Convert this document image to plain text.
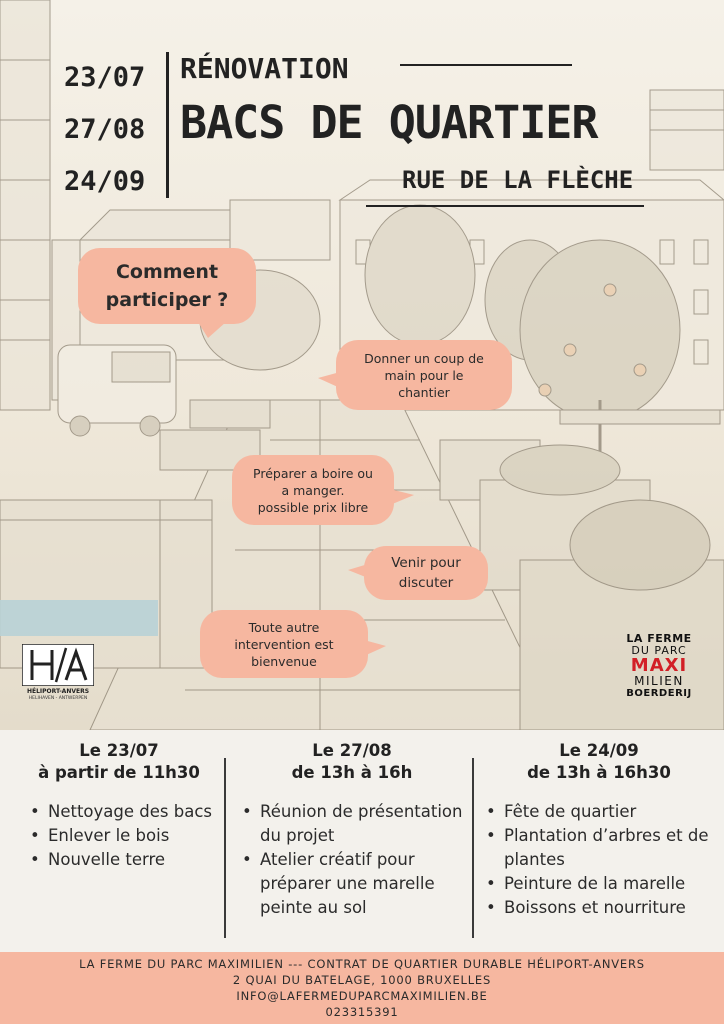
23/07
27/08
24/09
RÉNOVATION
BACS DE QUARTIER
RUE DE LA FLÈCHE
Comment
participer ?
Donner un coup de
main pour le
chantier
Préparer a boire ou
a manger.
possible prix libre
Venir pour
discuter
Toute autre
intervention est
bienvenue
HÉLIPORT-ANVERS
HELIHAVEN - ANTWERPEN
LA FERME
DU PARC
MAXI
MILIEN
BOERDERIJ
Le 23/07
à partir de 11h30
• Nettoyage des bacs
• Enlever le bois
• Nouvelle terre
Le 27/08
de 13h à 16h
• Réunion de présentation du projet
• Atelier créatif pour préparer une marelle peinte au sol
Le 24/09
de 13h à 16h30
• Fête de quartier
• Plantation d’arbres et de plantes
• Peinture de la marelle
• Boissons et nourriture
LA FERME DU PARC MAXIMILIEN --- CONTRAT DE QUARTIER DURABLE HÉLIPORT-ANVERS
2 QUAI DU BATELAGE, 1000 BRUXELLES
INFO@LAFERMEDUPARCMAXIMILIEN.BE
023315391
